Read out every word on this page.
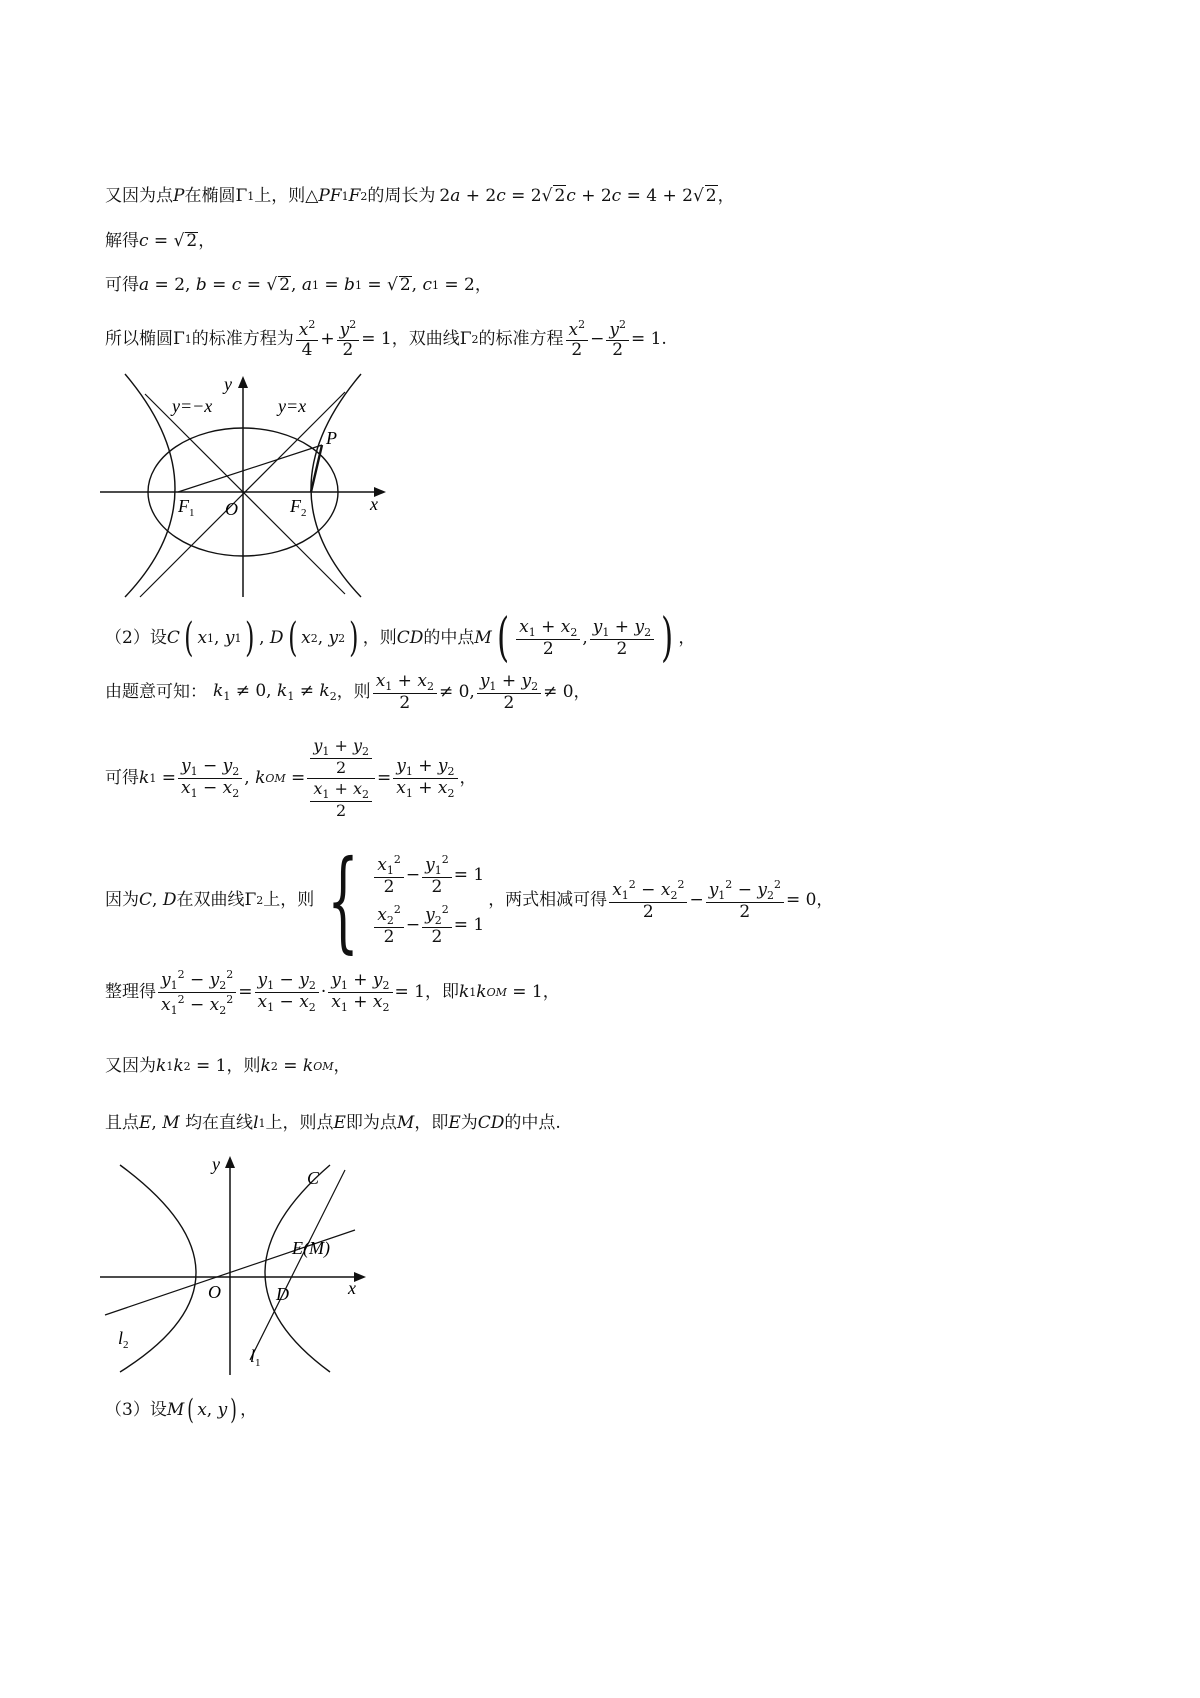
又因为点 P 在椭圆 Γ 1 上，则 △ PF 1 F 2 的周长为 2a + 2c = 2√ 2c + 2c = 4 + 2√ 2，
解得 c = √ 2 ，
可得 a = 2, b = c = √ 2 , a 1 = b 1 = √ 2 , c 1 = 2，
所以椭圆 Γ 1 的标准方程为 $x^2$
4
+ $y^2$
2
= 1 ，双曲线 Γ 2 的标准方程 $x^2$
2
− $y^2$
2
= 1.
y=−x	y=x
P
$F_1$ O	$F_2$	x
y
（2） 设 C ( x 1 , y 1 ) , D ( x 2 , y 2 ) ，则 CD 的中点 M ( $x_1 + x_2$
2
,
$y_1 + y_2$
2 ) ，
由题意可知： $k_1 \ne 0$, $k_1 \ne k_2$ ，则
$x_1 + x_2$
2
≠ 0,
$y_1 + y_2$
2
≠ 0，
可得 k 1 =
$y_1 - y_2$
$x_1 - x_2$
, k OM =
$\frac{y_1 + y_2}{2}$
$\frac{x_1 + x_2}{2}$
=
$y_1 + y_2$
$x_1 + x_2$
，
因为 C , D 在双曲线 Γ 2 上，则 { $x_1^2$
2
− $y_1^2$
2
= 1
$x_2^2$
2
− $y_2^2$
2
= 1
，两式相减可得 $x_1^2 - x_2^2$
2
− $y_1^2 - y_2^2$
2
= 0，
整理得
$y_1^2 - y_2^2$
$x_1^2 - x_2^2$ =
$y_1 - y_2$
$x_1 - x_2$
·
$y_1 + y_2$
$x_1 + x_2$
= 1 ，即 k 1 k OM = 1，
又因为 k 1 k 2 = 1 ，则 k 2 = k OM ，
且点 E , M
均在直线 l 1 上，则点 E 即为点 M ，即 E 为 CD 的中点.
y
C
E(M)
O	x
D
$l_2$
$l_1$
（3） 设 M ( x , y ) ，
